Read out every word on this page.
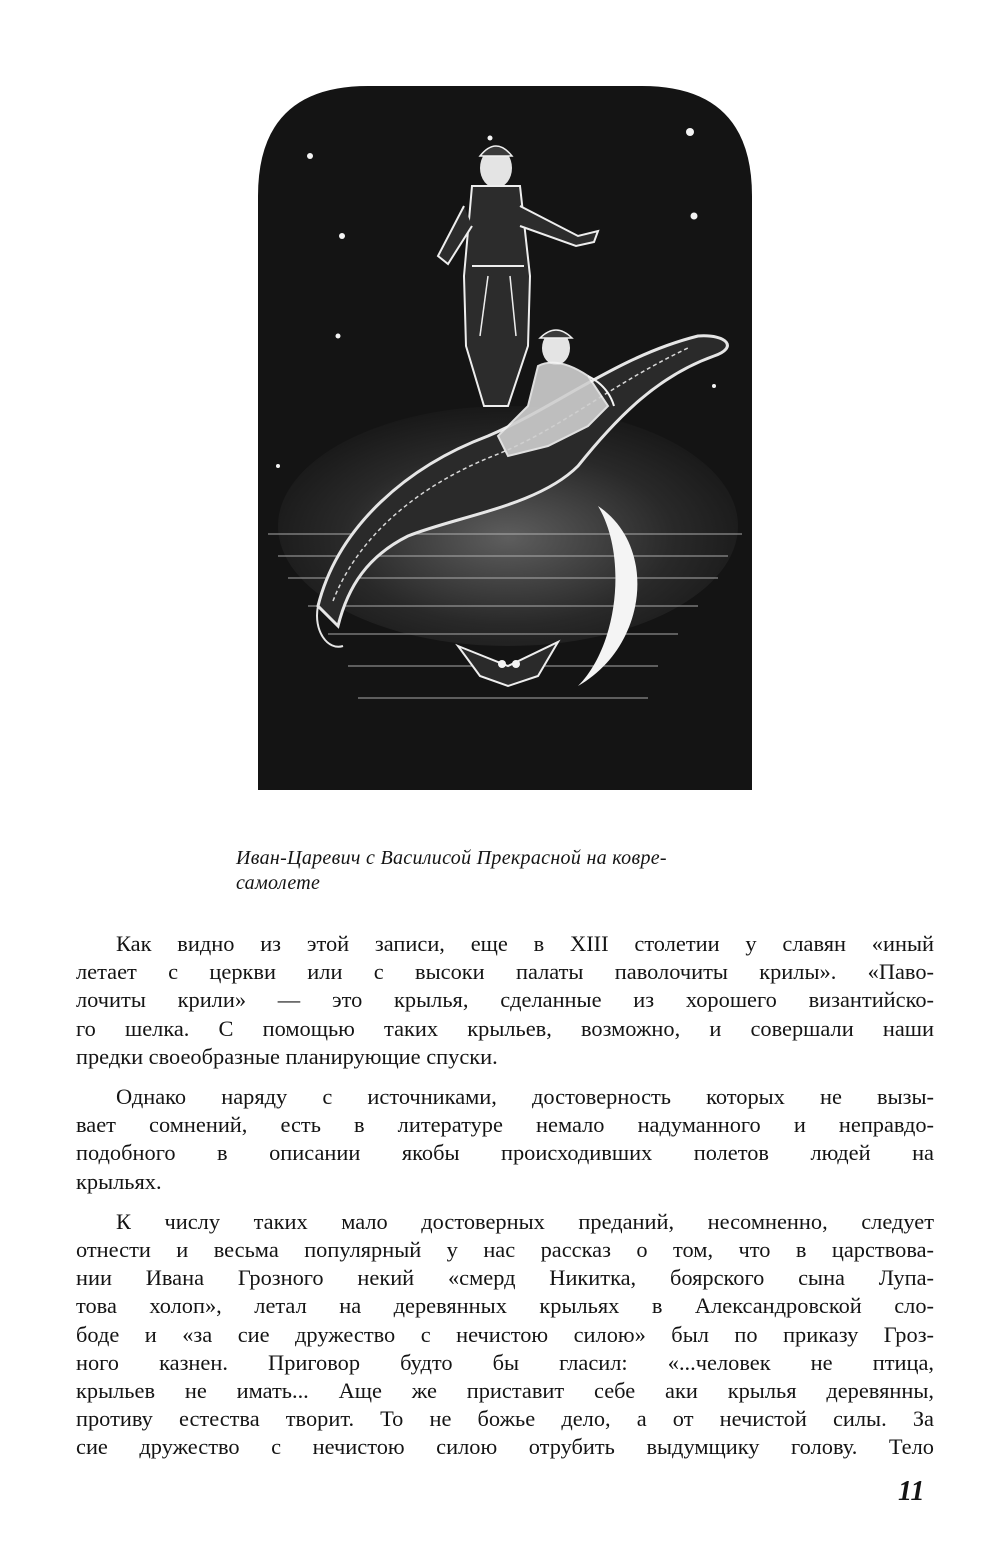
Иван-Царевич с Василисой Прекрасной на ковре-
самолете
Как видно из этой записи, еще в XIII столетии у славян «иный
летает с церкви или с высоки палаты паволочиты крилы». «Паво-
лочиты крили» — это крылья, сделанные из хорошего византийско-
го шелка. С помощью таких крыльев, возможно, и совершали наши
предки своеобразные планирующие спуски.
Однако наряду с источниками, достоверность которых не вызы-
вает сомнений, есть в литературе немало надуманного и неправдо-
подобного в описании якобы происходивших полетов людей на
крыльях.
К числу таких мало достоверных преданий, несомненно, следует
отнести и весьма популярный у нас рассказ о том, что в царствова-
нии Ивана Грозного некий «смерд Никитка, боярского сына Лупа-
това холоп», летал на деревянных крыльях в Александровской сло-
боде и «за сие дружество с нечистою силою» был по приказу Гроз-
ного казнен. Приговор будто бы гласил: «...человек не птица,
крыльев не имать... Аще же приставит себе аки крылья деревянны,
противу естества творит. То не божье дело, а от нечистой силы. За
сие дружество с нечистою силою отрубить выдумщику голову. Тело
11
